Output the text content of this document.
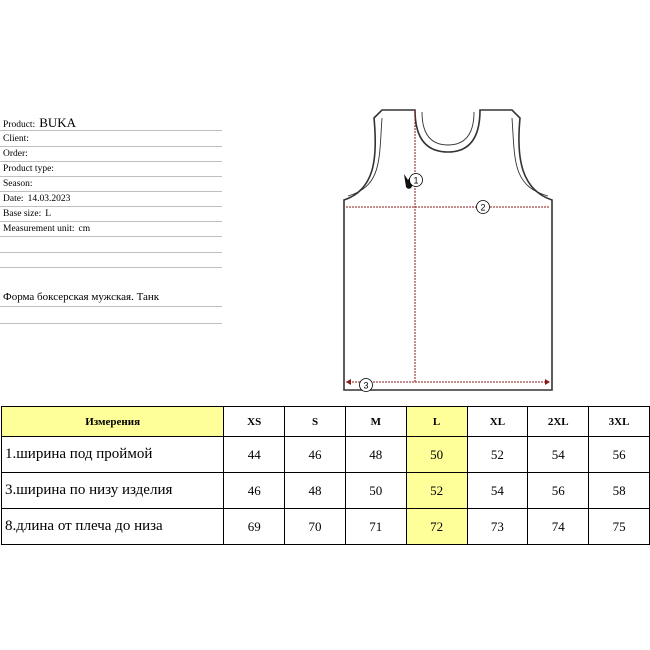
Product: BUKA
Client:
Order:
Product type:
Season:
Date: 14.03.2023
Base size: L
Measurement unit: cm
Форма боксерская мужская. Танк
1
2
3
Измерения	XS	S	M	L	XL	2XL	3XL
1.ширина под проймой	44	46	48	50	52	54	56
3.ширина по низу изделия	46	48	50	52	54	56	58
8.длина от плеча до низа	69	70	71	72	73	74	75
